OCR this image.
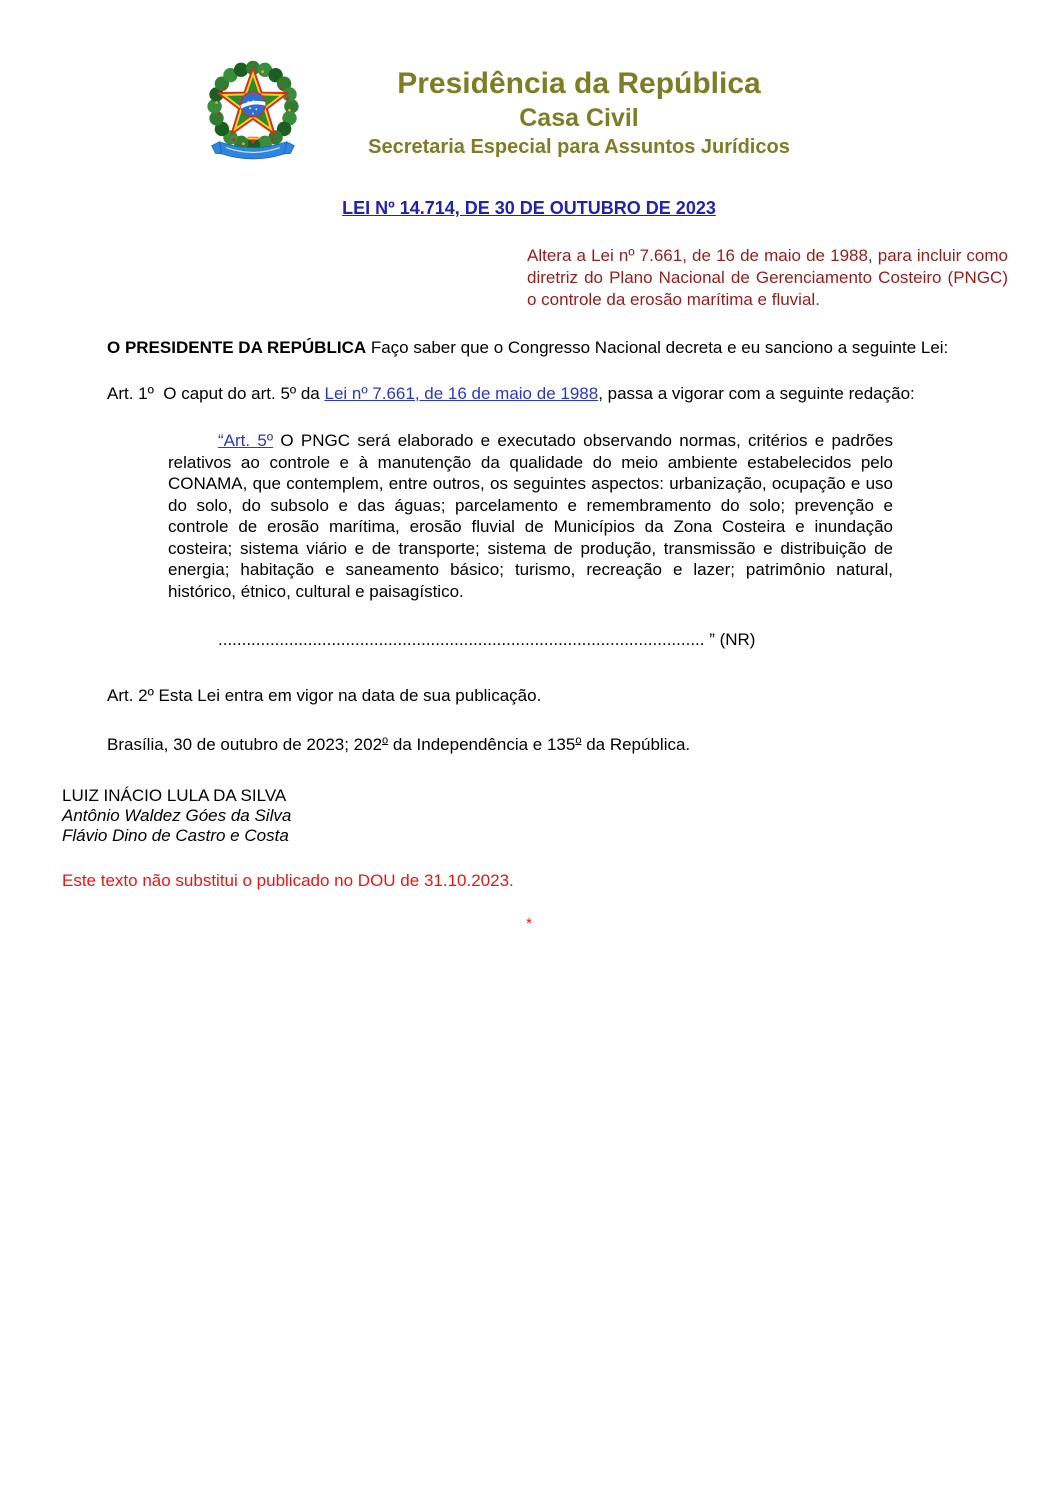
Presidência da República
Casa Civil
Secretaria Especial para Assuntos Jurídicos
LEI Nº 14.714, DE 30 DE OUTUBRO DE 2023

Altera a Lei nº 7.661, de 16 de maio de 1988, para incluir como diretriz do Plano Nacional de Gerenciamento Costeiro (PNGC) o controle da erosão marítima e fluvial.

O PRESIDENTE DA REPÚBLICA Faço saber que o Congresso Nacional decreta e eu sanciono a seguinte Lei:

Art. 1º  O caput do art. 5º da Lei nº 7.661, de 16 de maio de 1988, passa a vigorar com a seguinte redação:

“Art. 5º O PNGC será elaborado e executado observando normas, critérios e padrões relativos ao controle e à manutenção da qualidade do meio ambiente estabelecidos pelo CONAMA, que contemplem, entre outros, os seguintes aspectos: urbanização, ocupação e uso do solo, do subsolo e das águas; parcelamento e remembramento do solo; prevenção e controle de erosão marítima, erosão fluvial de Municípios da Zona Costeira e inundação costeira; sistema viário e de transporte; sistema de produção, transmissão e distribuição de energia; habitação e saneamento básico; turismo, recreação e lazer; patrimônio natural, histórico, étnico, cultural e paisagístico.

....................................................................................................... ” (NR)

Art. 2º Esta Lei entra em vigor na data de sua publicação.

Brasília, 30 de outubro de 2023; 202$^o$ da Independência e 135$^o$ da República.

LUIZ INÁCIO LULA DA SILVA

Antônio Waldez Góes da Silva

Flávio Dino de Castro e Costa

Este texto não substitui o publicado no DOU de 31.10.2023.

*
